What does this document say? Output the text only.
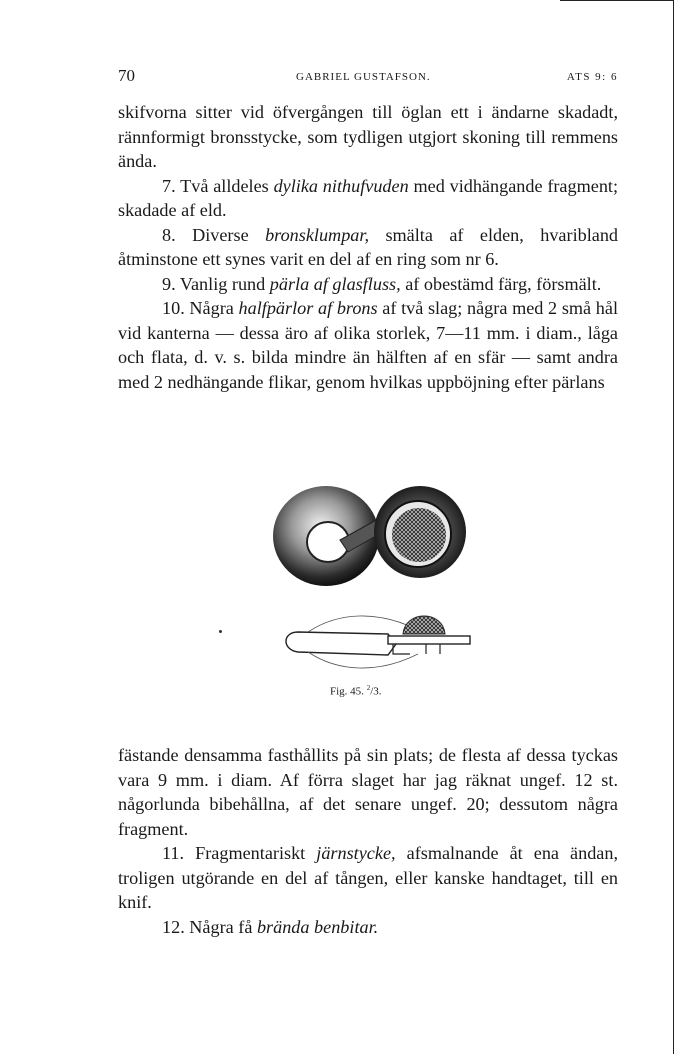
70	GABRIEL GUSTAFSON.	ATS 9: 6

skifvorna sitter vid öfvergången till öglan ett i ändarne skadadt, rännformigt bronsstycke, som tydligen utgjort skoning till remmens ända.

7. Två alldeles dylika nithufvuden med vidhängande fragment; skadade af eld.

8. Diverse bronsklumpar, smälta af elden, hvaribland åtminstone ett synes varit en del af en ring som nr 6.

9. Vanlig rund pärla af glasfluss, af obestämd färg, försmält.

10. Några halfpärlor af brons af två slag; några med 2 små hål vid kanterna — dessa äro af olika storlek, 7—11 mm. i diam., låga och flata, d. v. s. bilda mindre än hälften af en sfär — samt andra med 2 nedhängande flikar, genom hvilkas uppböjning efter pärlans

Fig. 45. $^2$/3.

fästande densamma fasthållits på sin plats; de flesta af dessa tyckas vara 9 mm. i diam. Af förra slaget har jag räknat ungef. 12 st. någorlunda bibehållna, af det senare ungef. 20; dessutom några fragment.

11. Fragmentariskt järnstycke, afsmalnande åt ena ändan, troligen utgörande en del af tången, eller kanske handtaget, till en knif.

12. Några få brända benbitar.
